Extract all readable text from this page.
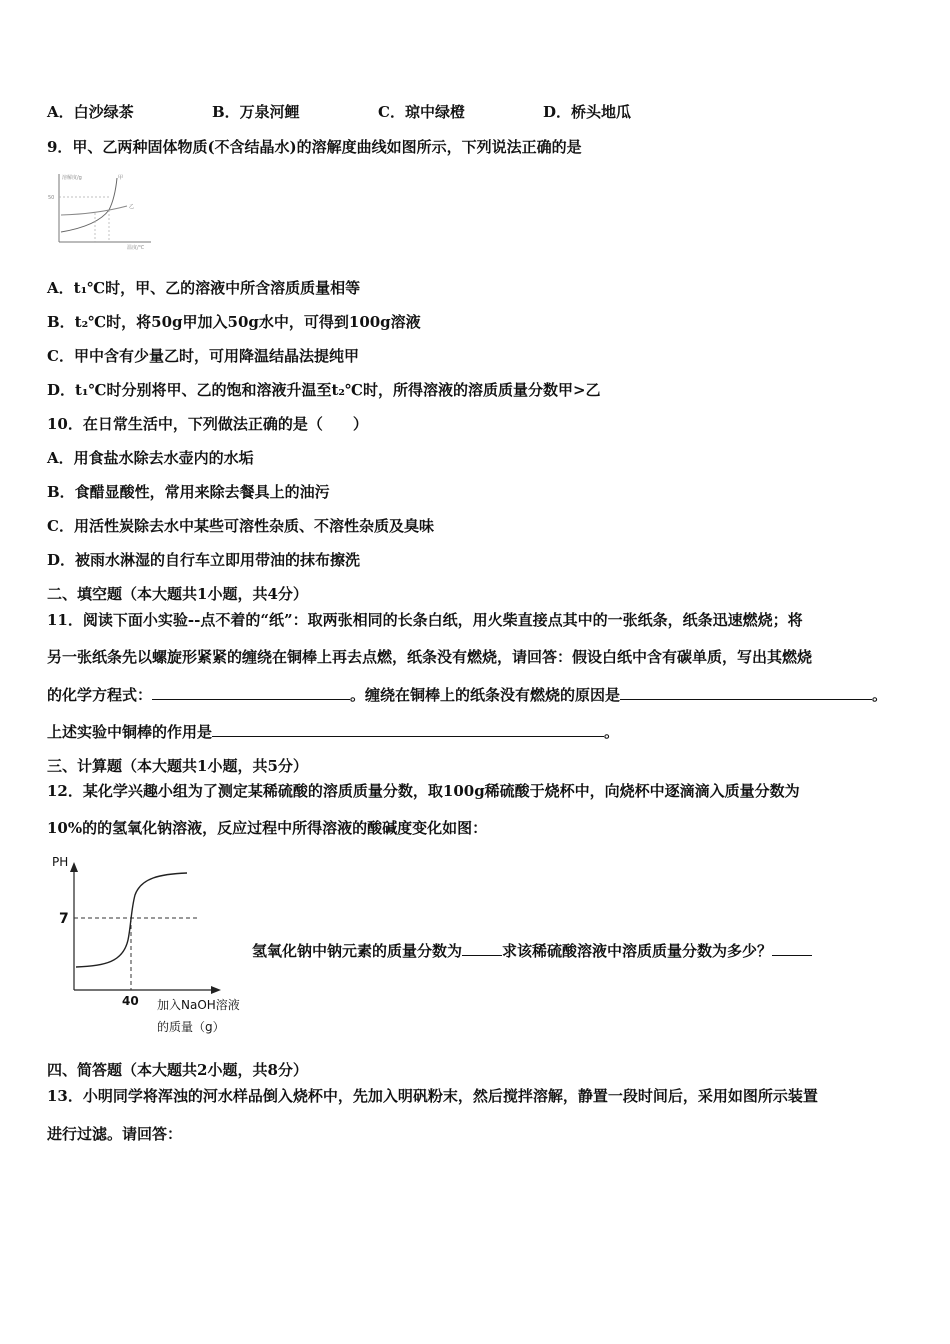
A．白沙绿茶	B．万泉河鲤	C．琼中绿橙	D．桥头地瓜
9．甲、乙两种固体物质(不含结晶水)的溶解度曲线如图所示，下列说法正确的是
溶解度/g
50
温度/℃
甲
乙
A．t₁℃时，甲、乙的溶液中所含溶质质量相等
B．t₂℃时，将50g甲加入50g水中，可得到100g溶液
C．甲中含有少量乙时，可用降温结晶法提纯甲
D．t₁℃时分别将甲、乙的饱和溶液升温至t₂℃时，所得溶液的溶质质量分数甲>乙
10．在日常生活中，下列做法正确的是（　　）
A．用食盐水除去水壶内的水垢
B．食醋显酸性，常用来除去餐具上的油污
C．用活性炭除去水中某些可溶性杂质、不溶性杂质及臭味
D．被雨水淋湿的自行车立即用带油的抹布擦洗
二、填空题（本大题共1小题，共4分）
11．阅读下面小实验--点不着的“纸”：取两张相同的长条白纸，用火柴直接点其中的一张纸条，纸条迅速燃烧；将
另一张纸条先以螺旋形紧紧的缠绕在铜棒上再去点燃，纸条没有燃烧，请回答：假设白纸中含有碳单质，写出其燃烧
的化学方程式：	。缠绕在铜棒上的纸条没有燃烧的原因是	。
上述实验中铜棒的作用是	。
三、计算题（本大题共1小题，共5分）
12．某化学兴趣小组为了测定某稀硫酸的溶质质量分数，取100g稀硫酸于烧杯中，向烧杯中逐滴滴入质量分数为
10%的的氢氧化钠溶液，反应过程中所得溶液的酸碱度变化如图：
PH
7
40 加入NaOH溶液
的质量（g）
氢氧化钠中钠元素的质量分数为	求该稀硫酸溶液中溶质质量分数为多少？
四、简答题（本大题共2小题，共8分）
13．小明同学将浑浊的河水样品倒入烧杯中，先加入明矾粉末，然后搅拌溶解，静置一段时间后，采用如图所示装置
进行过滤。请回答：
